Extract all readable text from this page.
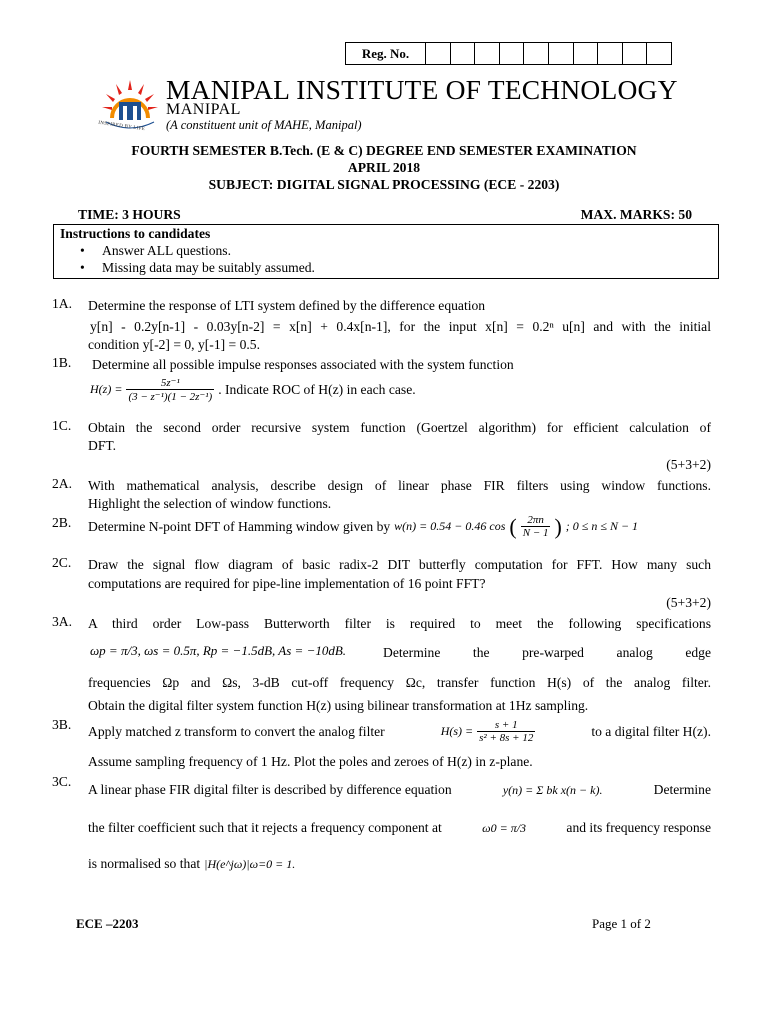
Reg. No.
INSPIRED BY LIFE
MANIPAL INSTITUTE OF TECHNOLOGY
MANIPAL
(A constituent unit of MAHE, Manipal)
FOURTH SEMESTER B.Tech. (E & C) DEGREE END SEMESTER EXAMINATION
APRIL 2018
SUBJECT: DIGITAL SIGNAL PROCESSING (ECE - 2203)
TIME: 3 HOURS	MAX. MARKS: 50
Instructions to candidates
• Answer ALL questions.
• Missing data may be suitably assumed.
1A. Determine the response of LTI system defined by the difference equation
y[n] - 0.2y[n-1] - 0.03y[n-2] = x[n] + 0.4x[n-1], for the input x[n] = 0.2ⁿ u[n] and with the initial
condition y[-2] = 0, y[-1] = 0.5.
1B. Determine all possible impulse responses associated with the system function
$H(z) = \frac{\text{5z⁻¹}}{\text{(3 − z⁻¹)(1 − 2z⁻¹)}}$ . Indicate ROC of H(z) in each case.
1C. Obtain the second order recursive system function (Goertzel algorithm) for efficient calculation of
DFT.
(5+3+2)
2A. With mathematical analysis, describe design of linear phase FIR filters using window functions.
Highlight the selection of window functions.
2B. Determine N-point DFT of Hamming window given by w(n) = 0.54 − 0.46 cos ( $\frac{2\pi n}{N - 1}$ ) ; 0 ≤ n ≤ N − 1
2C. Draw the signal flow diagram of basic radix-2 DIT butterfly computation for FFT. How many such
computations are required for pipe-line implementation of 16 point FFT?
(5+3+2)
3A. A third order Low-pass Butterworth filter is required to meet the following specifications
ωp = π/3, ωs = 0.5π, Rp = −1.5dB, As = −10dB.	Determine the pre-warped analog edge
frequencies Ωp and Ωs, 3-dB cut-off frequency Ωc, transfer function H(s) of the analog filter.
Obtain the digital filter system function H(z) using bilinear transformation at 1Hz sampling.
3B. Apply matched z transform to convert the analog filter	$H(s) = \frac{s + 1}{\text{s² + 8s + 12}}$	to a digital filter H(z).
Assume sampling frequency of 1 Hz. Plot the poles and zeroes of H(z) in z-plane.
3C.
A linear phase FIR digital filter is described by difference equation	y(n) = Σ bk x(n − k).	Determine
the filter coefficient such that it rejects a frequency component at	ω0 = π/3	and its frequency response
is normalised so that |H(e^jω)|ω=0 = 1.
ECE –2203	Page 1 of 2
